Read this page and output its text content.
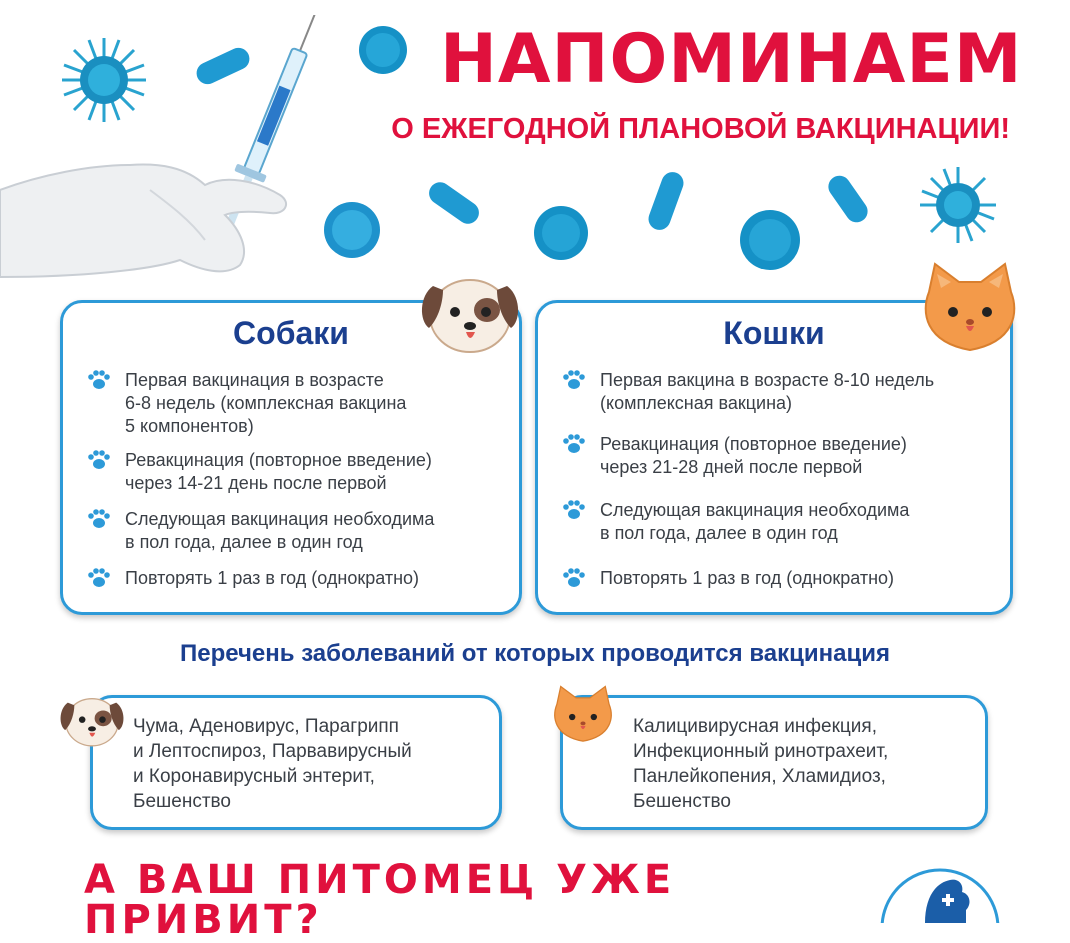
НАПОМИНАЕМ
О ЕЖЕГОДНОЙ ПЛАНОВОЙ ВАКЦИНАЦИИ!
Собаки
Первая вакцинация в возрасте
6-8 недель (комплексная вакцина
5 компонентов)
Ревакцинация (повторное введение)
через 14-21 день после первой
Следующая вакцинация необходима
в пол года, далее в один год
Повторять 1 раз в год (однократно)
Кошки
Первая вакцина в возрасте 8-10 недель
(комплексная вакцина)
Ревакцинация (повторное введение)
через 21-28 дней после первой
Следующая вакцинация необходима
в пол года, далее в один год
Повторять 1 раз в год (однократно)
Перечень заболеваний от которых проводится вакцинация
Чума, Аденовирус, Парагрипп
и Лептоспироз, Парвавирусный
и Коронавирусный энтерит,
Бешенство
Калицивирусная инфекция,
Инфекционный ринотрахеит,
Панлейкопения, Хламидиоз,
Бешенство
А ВАШ ПИТОМЕЦ УЖЕ ПРИВИТ?
